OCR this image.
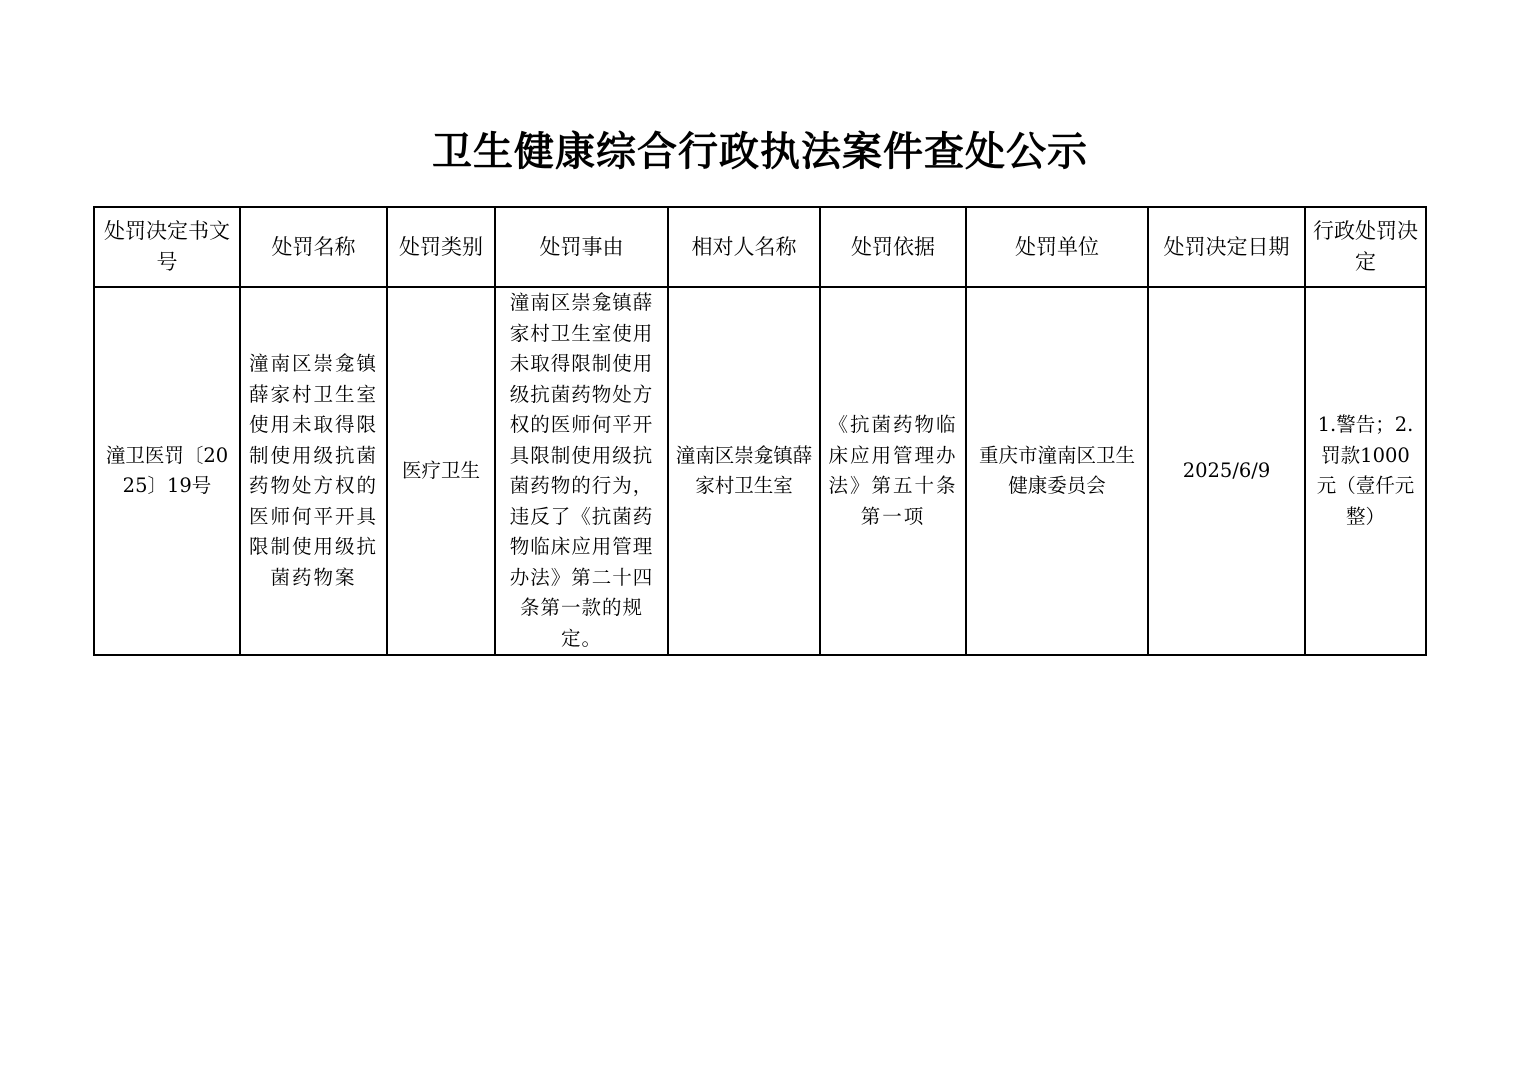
卫生健康综合行政执法案件查处公示
处罚决定书文号	处罚名称	处罚类别	处罚事由	相对人名称	处罚依据	处罚单位	处罚决定日期	行政处罚决定
潼卫医罚〔2025〕19号	潼南区崇龛镇薛家村卫生室使用未取得限制使用级抗菌药物处方权的医师何平开具限制使用级抗菌药物案	医疗卫生	潼南区崇龛镇薛家村卫生室使用未取得限制使用级抗菌药物处方权的医师何平开具限制使用级抗菌药物的行为，违反了《抗菌药物临床应用管理办法》第二十四条第一款的规定。	潼南区崇龛镇薛家村卫生室	《抗菌药物临床应用管理办法》第五十条第一项	重庆市潼南区卫生健康委员会	2025/6/9	1.警告；2.罚款1000元（壹仟元整）
